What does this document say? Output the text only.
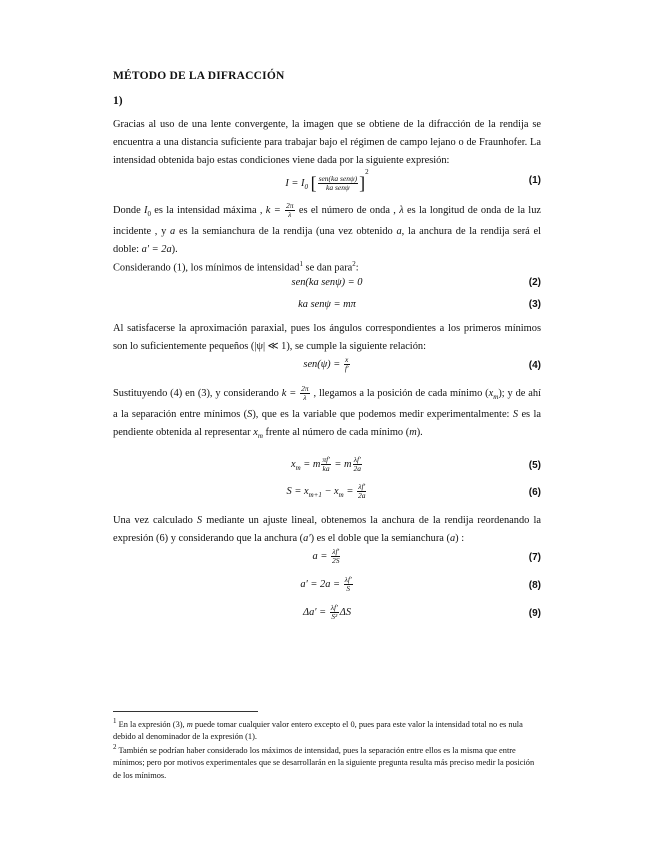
MÉTODO DE LA DIFRACCIÓN
1)
Gracias al uso de una lente convergente, la imagen que se obtiene de la difracción de la rendija se encuentra a una distancia suficiente para trabajar bajo el régimen de campo lejano o de Fraunhofer. La intensidad obtenida bajo estas condiciones viene dada por la siguiente expresión:
$I = I_0$ [ $\frac{\text{sen(ka senψ)}}{\text{ka senψ}} ]^2$
(1)
Donde $I_0$ es la intensidad máxima , $k = \frac{2\pi}{\lambda}$ es el número de onda , λ es la longitud de onda de la luz incidente , y a es la semianchura de la rendija (una vez obtenido a, la anchura de la rendija será el doble: a′ = 2a).
Considerando (1), los mínimos de intensidad$^1$ se dan para$^2$:
sen(ka senψ) = 0	(2)
ka senψ = mπ	(3)
Al satisfacerse la aproximación paraxial, pues los ángulos correspondientes a los primeros mínimos son lo suficientemente pequeños (|ψ| ≪ 1), se cumple la siguiente relación:
$sen(\psi) = \frac{x}{f'}$	(4)
Sustituyendo (4) en (3), y considerando $k = \frac{2\pi}{\lambda}$ , llegamos a la posición de cada mínimo $(x_m)$; y de ahí a la separación entre mínimos (S), que es la variable que podemos medir experimentalmente: S es la pendiente obtenida al representar $x_m$ frente al número de cada mínimo (m).
$x_m = m \frac{\pi f'}{ka} = m \frac{\lambda f'}{2a}$	(5)
$S = x_{m+1} - x_m = \frac{\lambda f'}{2a}$	(6)
Una vez calculado S mediante un ajuste lineal, obtenemos la anchura de la rendija reordenando la expresión (6) y considerando que la anchura (a′) es el doble que la semianchura (a) :
$a = \frac{\lambda f'}{2S}$	(7)
$a' = 2a = \frac{\lambda f'}{S}$	(8)
$\Delta a' = \frac{\lambda f'}{\text{S²}}$ ΔS	(9)
$^1$ En la expresión (3), m puede tomar cualquier valor entero excepto el 0, pues para este valor la intensidad total no es nula debido al denominador de la expresión (1).
$^2$ También se podrían haber considerado los máximos de intensidad, pues la separación entre ellos es la misma que entre mínimos; pero por motivos experimentales que se desarrollarán en la siguiente pregunta resulta más preciso medir la posición de los mínimos.
